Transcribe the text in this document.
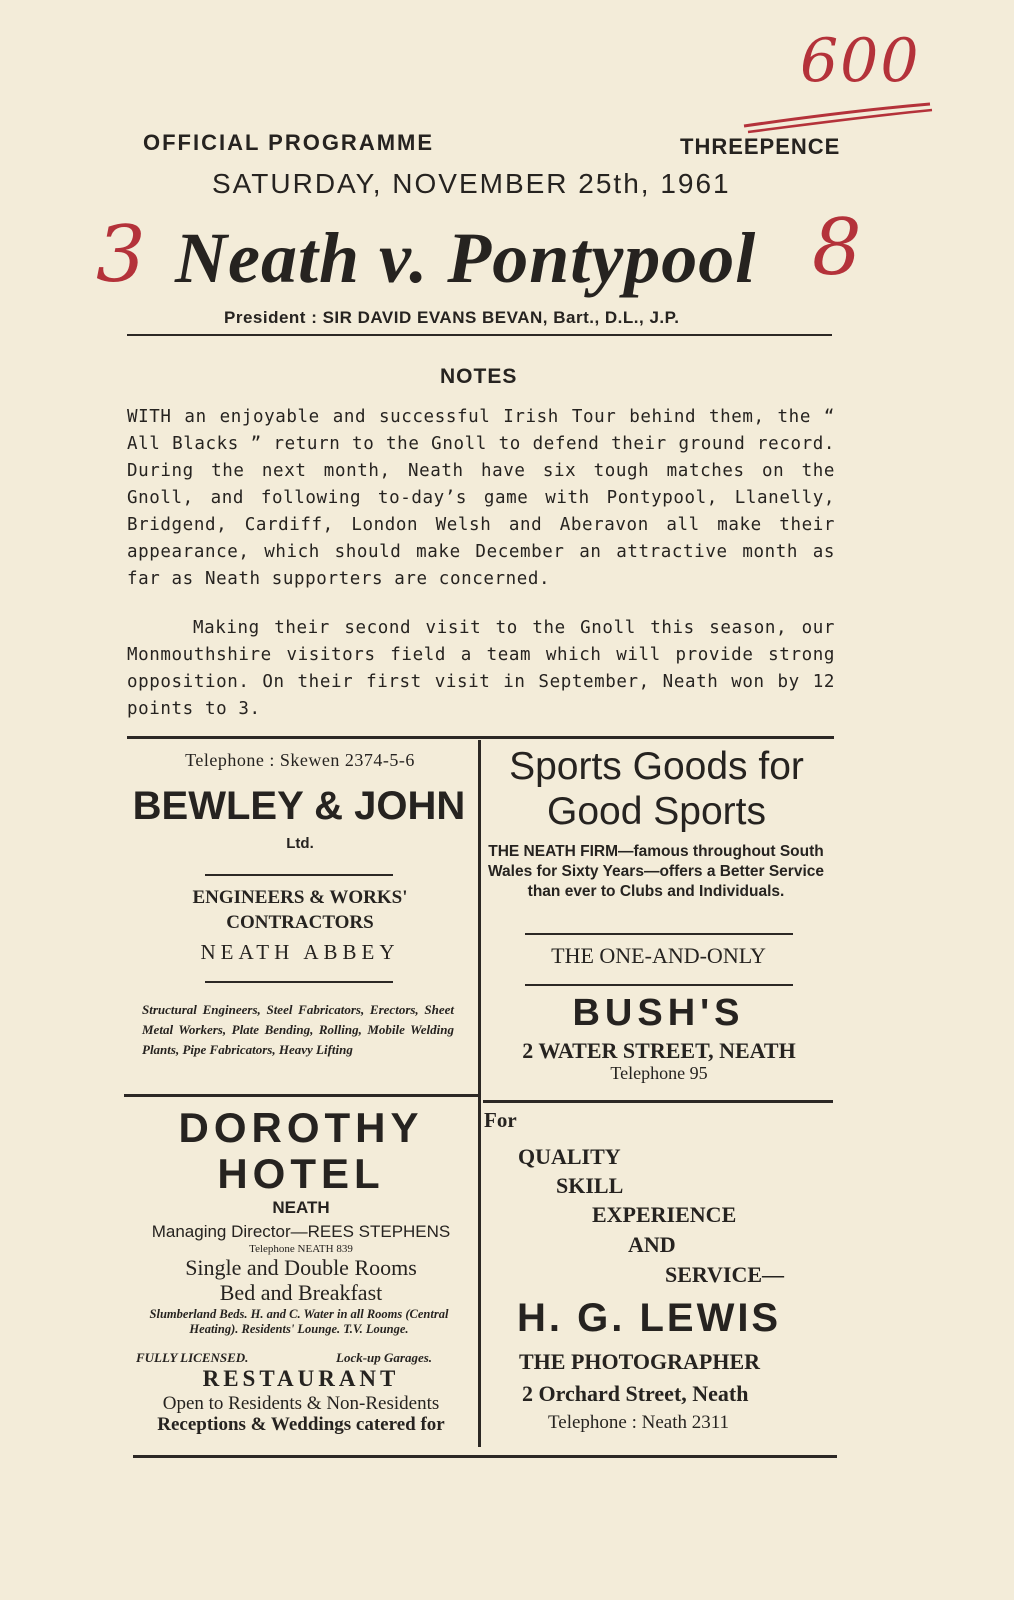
600
3	8
OFFICIAL PROGRAMME	THREEPENCE
SATURDAY, NOVEMBER 25th, 1961
Neath v. Pontypool
President : SIR DAVID EVANS BEVAN, Bart., D.L., J.P.
NOTES
WITH an enjoyable and successful Irish Tour behind them, the “ All Blacks ” return to the Gnoll to defend their ground record. During the next month, Neath have six tough matches on the Gnoll, and following to-day’s game with Pontypool, Llanelly, Bridgend, Cardiff, London Welsh and Aberavon all make their appearance, which should make December an attractive month as far as Neath supporters are concerned.
Making their second visit to the Gnoll this season, our Monmouthshire visitors field a team which will provide strong opposition. On their first visit in September, Neath won by 12 points to 3.
Telephone : Skewen 2374-5-6
BEWLEY & JOHN
Ltd.
ENGINEERS & WORKS'
CONTRACTORS
NEATH ABBEY
Structural Engineers, Steel Fabricators, Erectors, Sheet Metal Workers, Plate Bending, Rolling, Mobile Welding Plants, Pipe Fabricators, Heavy Lifting
Sports Goods for
Good Sports
THE NEATH FIRM—famous throughout South Wales for Sixty Years—offers a Better Service than ever to Clubs and Individuals.
THE ONE-AND-ONLY
BUSH'S
2 WATER STREET, NEATH
Telephone 95
DOROTHY
HOTEL
NEATH
Managing Director—REES STEPHENS
Telephone NEATH 839
Single and Double Rooms
Bed and Breakfast
Slumberland Beds. H. and C. Water in all Rooms (Central Heating). Residents' Lounge. T.V. Lounge.
FULLY LICENSED.	Lock-up Garages.
RESTAURANT
Open to Residents & Non-Residents
Receptions & Weddings catered for
For
QUALITY
SKILL
EXPERIENCE
AND
SERVICE—
H. G. LEWIS
THE PHOTOGRAPHER
2 Orchard Street, Neath
Telephone : Neath 2311
